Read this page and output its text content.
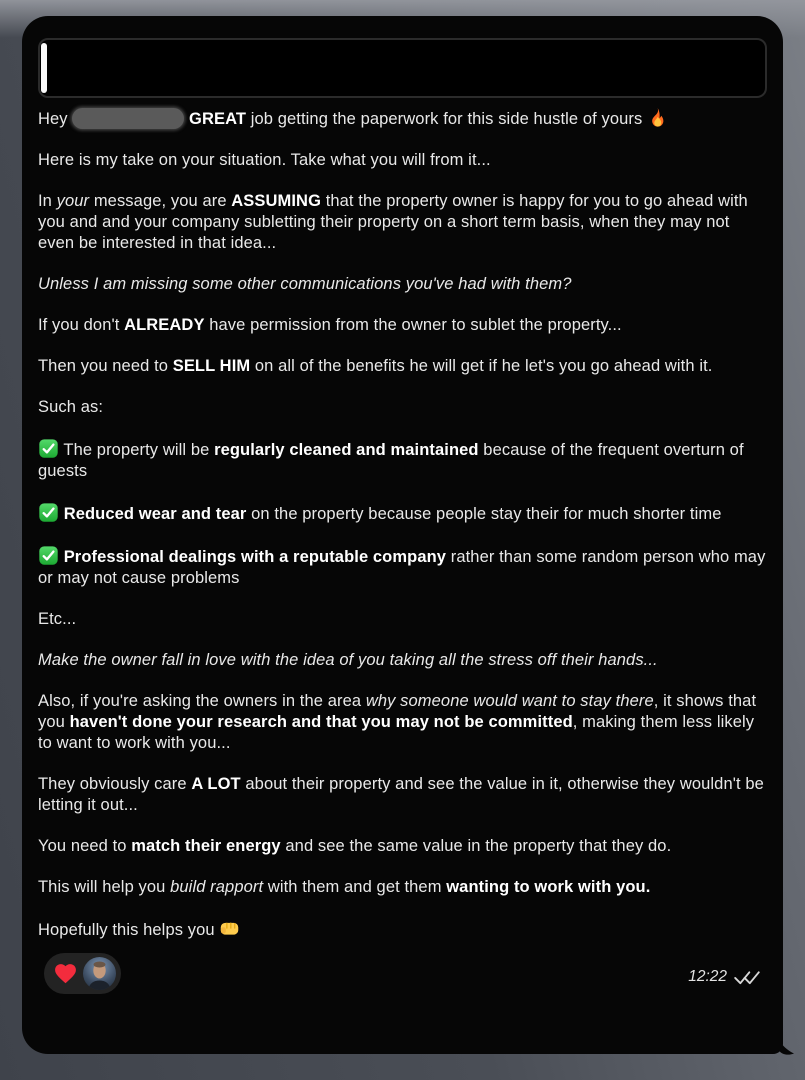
Hey	GREAT job getting the paperwork for this side hustle of yours

Here is my take on your situation. Take what you will from it...

In your message, you are ASSUMING that the property owner is happy for you to go ahead with you and and your company subletting their property on a short term basis, when they may not even be interested in that idea...

Unless I am missing some other communications you've had with them?

If you don't ALREADY have permission from the owner to sublet the property...

Then you need to SELL HIM on all of the benefits he will get if he let's you go ahead with it.

Such as:

The property will be regularly cleaned and maintained because of the frequent overturn of guests

Reduced wear and tear on the property because people stay their for much shorter time

Professional dealings with a reputable company rather than some random person who may or may not cause problems

Etc...

Make the owner fall in love with the idea of you taking all the stress off their hands...

Also, if you're asking the owners in the area why someone would want to stay there, it shows that you haven't done your research and that you may not be committed, making them less likely to want to work with you...

They obviously care A LOT about their property and see the value in it, otherwise they wouldn't be letting it out...

You need to match their energy and see the same value in the property that they do.

This will help you build rapport with them and get them wanting to work with you.

Hopefully this helps you

12:22
